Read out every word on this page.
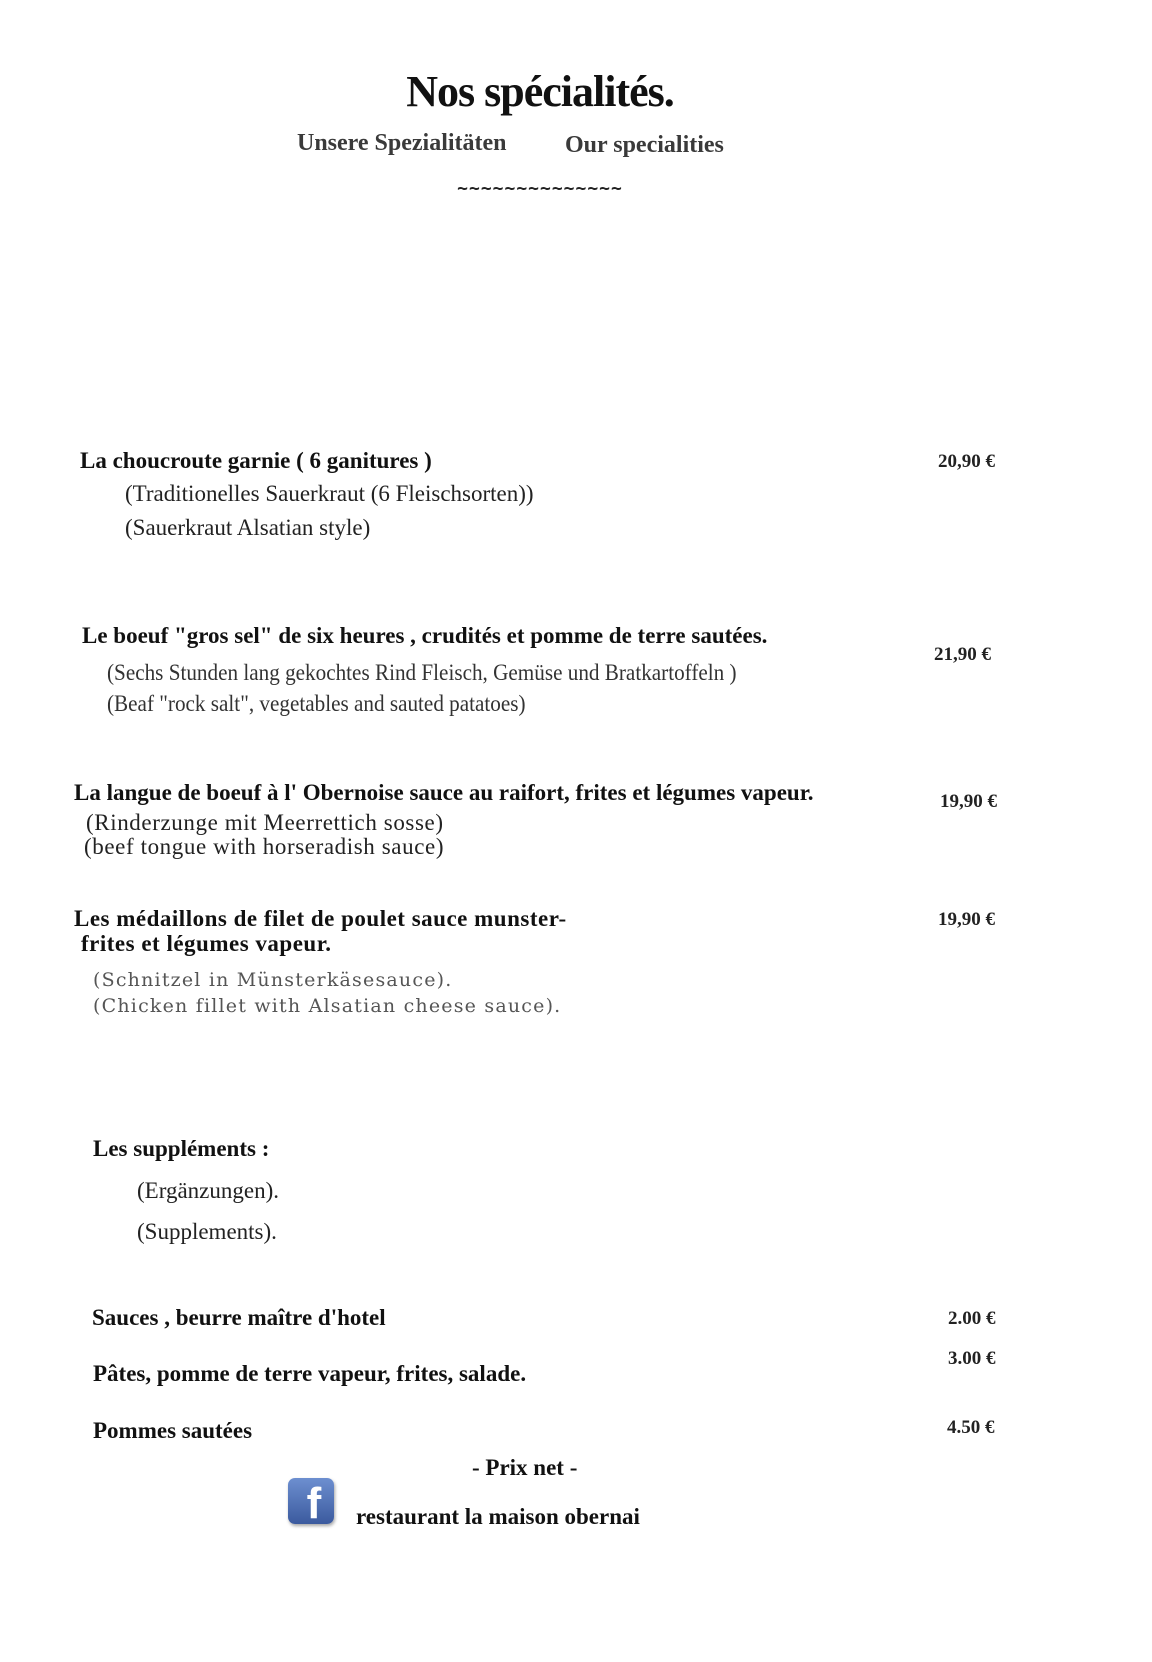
Nos spécialités.
Unsere Spezialitäten Our specialities
~~~~~~~~~~~~~~
La choucroute garnie ( 6 ganitures )
(Traditionelles Sauerkraut (6 Fleischsorten))
(Sauerkraut Alsatian style)
20,90 €
Le boeuf "gros sel" de six heures , crudités et pomme de terre sautées.
(Sechs Stunden lang gekochtes Rind Fleisch, Gemüse und Bratkartoffeln )
(Beaf "rock salt", vegetables and sauted patatoes)
21,90 €
La langue de boeuf à l' Obernoise sauce au raifort, frites et légumes vapeur.
(Rinderzunge mit Meerrettich sosse)
(beef tongue with horseradish sauce)
19,90 €
Les médaillons de filet de poulet sauce munster-
frites et légumes vapeur.
(Schnitzel in Münsterkäsesauce).
(Chicken fillet with Alsatian cheese sauce).
19,90 €
Les suppléments :
(Ergänzungen).
(Supplements).
Sauces , beurre maître d'hotel	2.00 €
Pâtes, pomme de terre vapeur, frites, salade.
3.00 €
Pommes sautées	4.50 €
- Prix net -
f restaurant la maison obernai
